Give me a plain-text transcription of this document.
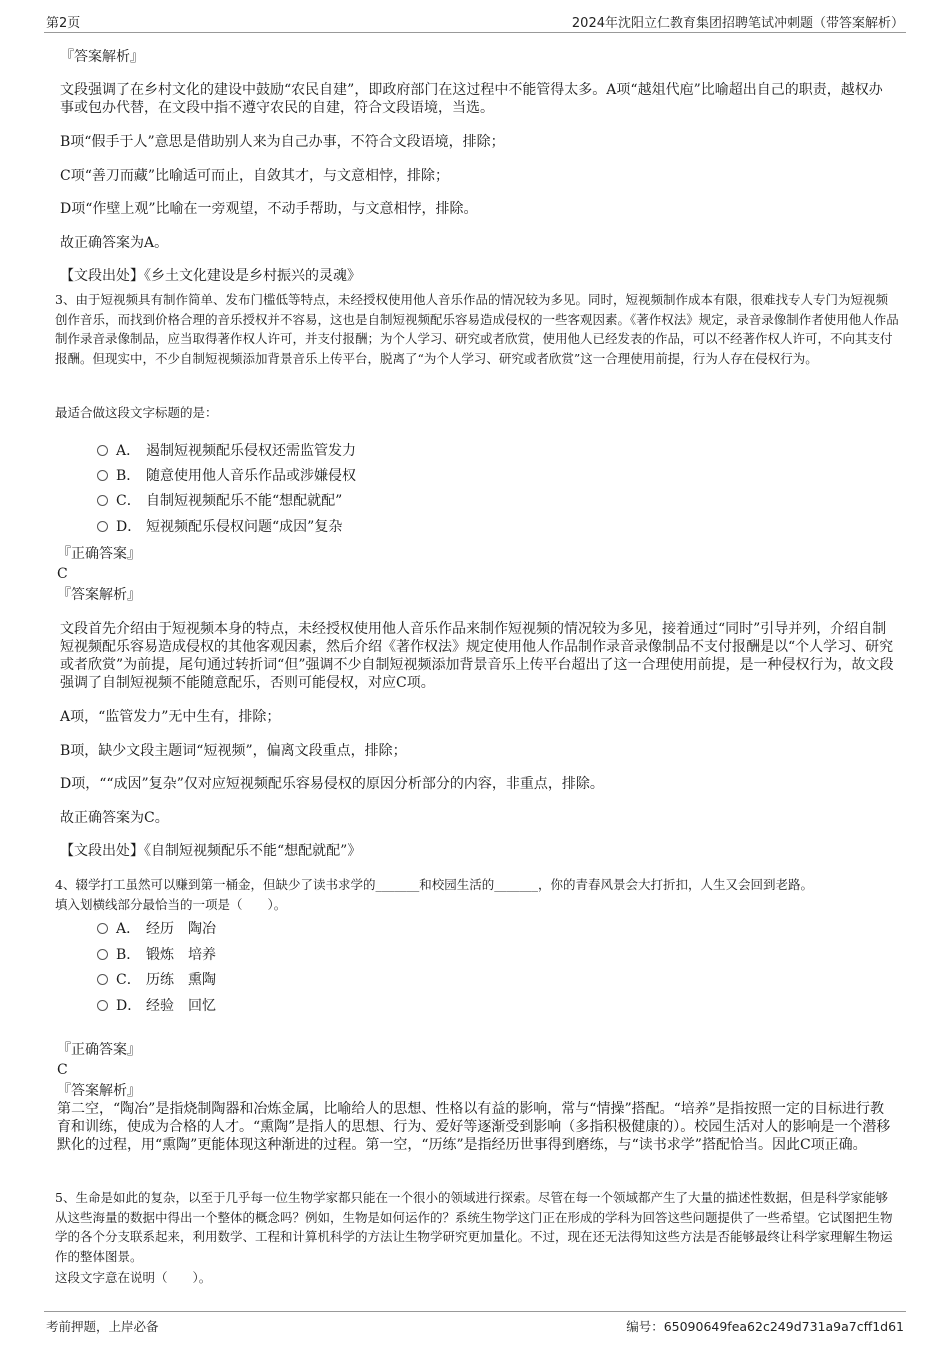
第2页	2024年沈阳立仁教育集团招聘笔试冲刺题（带答案解析）
『答案解析』
文段强调了在乡村文化的建设中鼓励“农民自建”，即政府部门在这过程中不能管得太多。A项“越俎代庖”比喻超出自己的职责，越权办事或包办代替，在文段中指不遵守农民的自建，符合文段语境，当选。
B项“假手于人”意思是借助别人来为自己办事，不符合文段语境，排除；
C项“善刀而藏”比喻适可而止，自敛其才，与文意相悖，排除；
D项“作壁上观”比喻在一旁观望，不动手帮助，与文意相悖，排除。
故正确答案为A。
【文段出处】《乡土文化建设是乡村振兴的灵魂》
3、由于短视频具有制作简单、发布门槛低等特点，未经授权使用他人音乐作品的情况较为多见。同时，短视频制作成本有限，很难找专人专门为短视频创作音乐，而找到价格合理的音乐授权并不容易，这也是自制短视频配乐容易造成侵权的一些客观因素。《著作权法》规定，录音录像制作者使用他人作品制作录音录像制品，应当取得著作权人许可，并支付报酬；为个人学习、研究或者欣赏，使用他人已经发表的作品，可以不经著作权人许可，不向其支付报酬。但现实中，不少自制短视频添加背景音乐上传平台，脱离了“为个人学习、研究或者欣赏”这一合理使用前提，行为人存在侵权行为。
最适合做这段文字标题的是：
A． 遏制短视频配乐侵权还需监管发力
B． 随意使用他人音乐作品或涉嫌侵权
C． 自制短视频配乐不能“想配就配”
D． 短视频配乐侵权问题“成因”复杂
『正确答案』
C
『答案解析』
文段首先介绍由于短视频本身的特点，未经授权使用他人音乐作品来制作短视频的情况较为多见，接着通过“同时”引导并列，介绍自制短视频配乐容易造成侵权的其他客观因素，然后介绍《著作权法》规定使用他人作品制作录音录像制品不支付报酬是以“个人学习、研究或者欣赏”为前提，尾句通过转折词“但”强调不少自制短视频添加背景音乐上传平台超出了这一合理使用前提，是一种侵权行为，故文段强调了自制短视频不能随意配乐，否则可能侵权，对应C项。
A项，“监管发力”无中生有，排除；
B项，缺少文段主题词“短视频”，偏离文段重点，排除；
D项，““成因”复杂”仅对应短视频配乐容易侵权的原因分析部分的内容，非重点，排除。
故正确答案为C。
【文段出处】《自制短视频配乐不能“想配就配”》
4、辍学打工虽然可以赚到第一桶金，但缺少了读书求学的_______和校园生活的_______，你的青春风景会大打折扣，人生又会回到老路。
填入划横线部分最恰当的一项是（　　）。
A． 经历　陶冶
B． 锻炼　培养
C． 历练　熏陶
D． 经验　回忆
『正确答案』
C
『答案解析』
第二空，“陶冶”是指烧制陶器和冶炼金属，比喻给人的思想、性格以有益的影响，常与“情操”搭配。“培养”是指按照一定的目标进行教育和训练，使成为合格的人才。“熏陶”是指人的思想、行为、爱好等逐渐受到影响（多指积极健康的）。校园生活对人的影响是一个潜移默化的过程，用“熏陶”更能体现这种渐进的过程。第一空，“历练”是指经历世事得到磨练，与“读书求学”搭配恰当。因此C项正确。
5、生命是如此的复杂，以至于几乎每一位生物学家都只能在一个很小的领域进行探索。尽管在每一个领域都产生了大量的描述性数据，但是科学家能够从这些海量的数据中得出一个整体的概念吗？例如，生物是如何运作的？系统生物学这门正在形成的学科为回答这些问题提供了一些希望。它试图把生物学的各个分支联系起来，利用数学、工程和计算机科学的方法让生物学研究更加量化。不过，现在还无法得知这些方法是否能够最终让科学家理解生物运作的整体图景。
这段文字意在说明（　　）。
考前押题，上岸必备	编号：65090649fea62c249d731a9a7cff1d61
